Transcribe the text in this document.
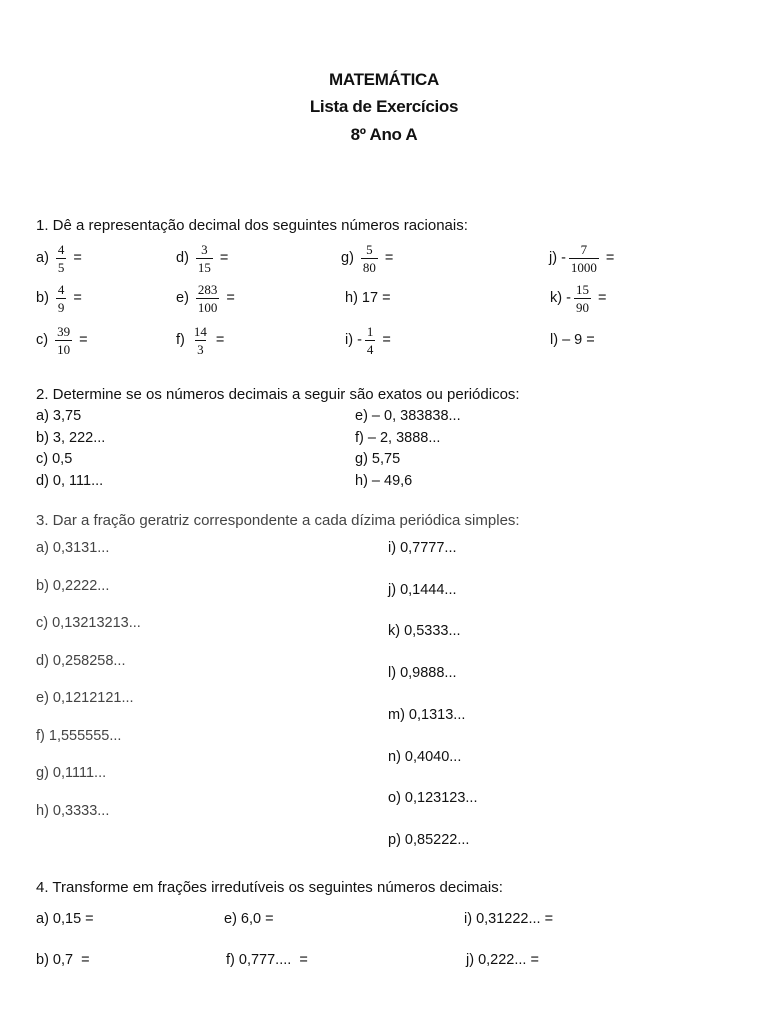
MATEMÁTICA
Lista de Exercícios
8º Ano A
1. Dê a representação decimal dos seguintes números racionais:
$a) \frac{4}{5}$ =
$b) \frac{4}{9}$ =
$c) \frac{39}{10}$ =
$d) \frac{3}{15}$ =
$e) \frac{283}{100}$ =
$f) \frac{14}{3}$ =
$g) \frac{5}{80}$ =
h) 17 =
$i) - \frac{1}{4}$ =
$j) - \frac{7}{1000}$ =
$k) - \frac{15}{90}$ =
l) – 9 =
2. Determine se os números decimais a seguir são exatos ou periódicos:
a) 3,75
b) 3, 222...
c) 0,5
d) 0, 111...
e) – 0, 383838...
f) – 2, 3888...
g) 5,75
h) – 49,6
3. Dar a fração geratriz correspondente a cada dízima periódica simples:
a) 0,3131...
b) 0,2222...
c) 0,13213213...
d) 0,258258...
e) 0,1212121...
f) 1,555555...
g) 0,1111...
h) 0,3333...
i) 0,7777...
j) 0,1444...
k) 0,5333...
l) 0,9888...
m) 0,1313...
n) 0,4040...
o) 0,123123...
p) 0,85222...
4. Transforme em frações irredutíveis os seguintes números decimais:
a) 0,15 =
b) 0,7  =
e) 6,0 =
f) 0,777....  =
i) 0,31222... =
j) 0,222... =
